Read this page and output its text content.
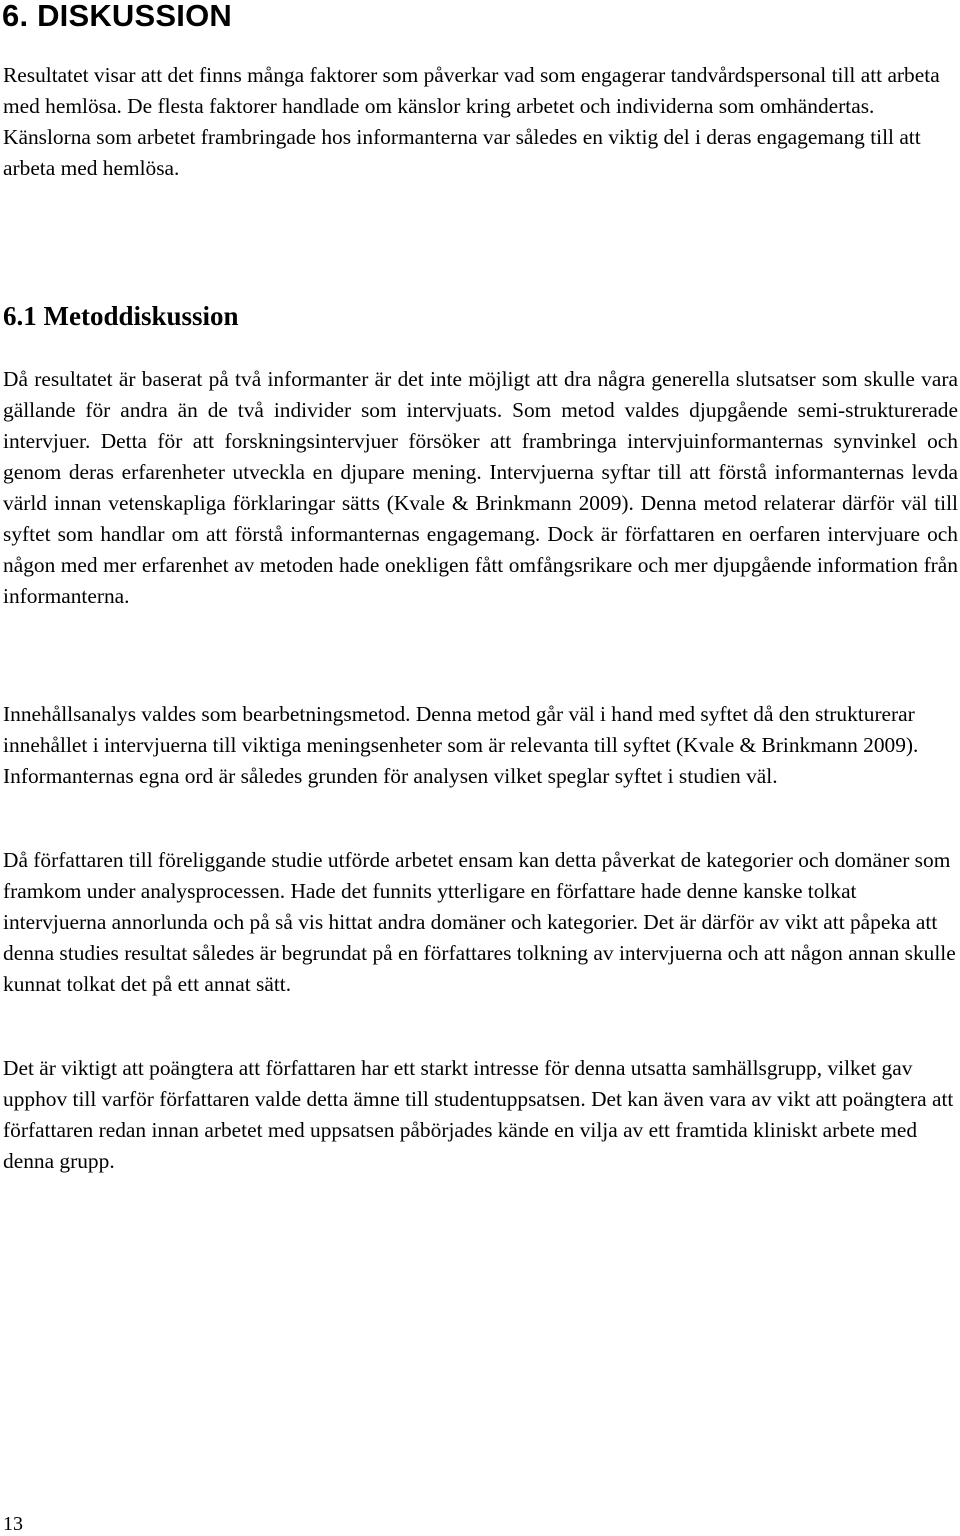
6. DISKUSSION

Resultatet visar att det finns många faktorer som påverkar vad som engagerar tandvårdspersonal till att arbeta med hemlösa. De flesta faktorer handlade om känslor kring arbetet och individerna som omhändertas. Känslorna som arbetet frambringade hos informanterna var således en viktig del i deras engagemang till att arbeta med hemlösa.

6.1 Metoddiskussion

Då resultatet är baserat på två informanter är det inte möjligt att dra några generella slutsatser som skulle vara gällande för andra än de två individer som intervjuats. Som metod valdes djupgående semi-strukturerade intervjuer. Detta för att forskningsintervjuer försöker att frambringa intervjuinformanternas synvinkel och genom deras erfarenheter utveckla en djupare mening. Intervjuerna syftar till att förstå informanternas levda värld innan vetenskapliga förklaringar sätts (Kvale & Brinkmann 2009). Denna metod relaterar därför väl till syftet som handlar om att förstå informanternas engagemang. Dock är författaren en oerfaren intervjuare och någon med mer erfarenhet av metoden hade onekligen fått omfångsrikare och mer djupgående information från informanterna.

Innehållsanalys valdes som bearbetningsmetod. Denna metod går väl i hand med syftet då den strukturerar innehållet i intervjuerna till viktiga meningsenheter som är relevanta till syftet (Kvale & Brinkmann 2009). Informanternas egna ord är således grunden för analysen vilket speglar syftet i studien väl.

Då författaren till föreliggande studie utförde arbetet ensam kan detta påverkat de kategorier och domäner som framkom under analysprocessen. Hade det funnits ytterligare en författare hade denne kanske tolkat intervjuerna annorlunda och på så vis hittat andra domäner och kategorier. Det är därför av vikt att påpeka att denna studies resultat således är begrundat på en författares tolkning av intervjuerna och att någon annan skulle kunnat tolkat det på ett annat sätt.

Det är viktigt att poängtera att författaren har ett starkt intresse för denna utsatta samhällsgrupp, vilket gav upphov till varför författaren valde detta ämne till studentuppsatsen. Det kan även vara av vikt att poängtera att författaren redan innan arbetet med uppsatsen påbörjades kände en vilja av ett framtida kliniskt arbete med denna grupp.

13
